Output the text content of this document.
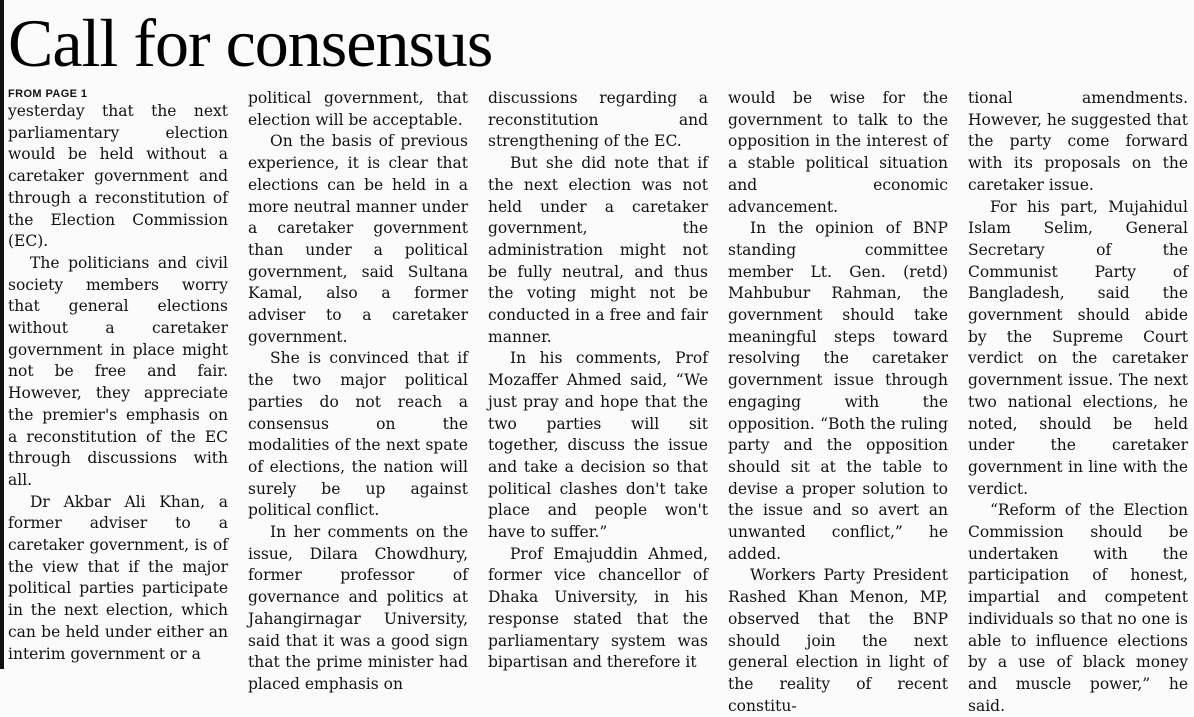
Call for consensus
FROM PAGE 1

yesterday that the next parliamentary election would be held without a caretaker government and through a reconstitution of the Election Commission (EC).

The politicians and civil society members worry that general elections without a caretaker government in place might not be free and fair. However, they appreciate the premier's emphasis on a reconstitution of the EC through discussions with all.

Dr Akbar Ali Khan, a former adviser to a caretaker government, is of the view that if the major political parties participate in the next election, which can be held under either an interim government or a

political government, that election will be acceptable.

On the basis of previous experience, it is clear that elections can be held in a more neutral manner under a caretaker government than under a political government, said Sultana Kamal, also a former adviser to a caretaker government.

She is convinced that if the two major political parties do not reach a consensus on the modalities of the next spate of elections, the nation will surely be up against political conflict.

In her comments on the issue, Dilara Chowdhury, former professor of governance and politics at Jahangirnagar University, said that it was a good sign that the prime minister had placed emphasis on

discussions regarding a reconstitution and strengthening of the EC.

But she did note that if the next election was not held under a caretaker government, the administration might not be fully neutral, and thus the voting might not be conducted in a free and fair manner.

In his comments, Prof Mozaffer Ahmed said, “We just pray and hope that the two parties will sit together, discuss the issue and take a decision so that political clashes don't take place and people won't have to suffer.”

Prof Emajuddin Ahmed, former vice chancellor of Dhaka University, in his response stated that the parliamentary system was bipartisan and therefore it

would be wise for the government to talk to the opposition in the interest of a stable political situation and economic advancement.

In the opinion of BNP standing committee member Lt. Gen. (retd) Mahbubur Rahman, the government should take meaningful steps toward resolving the caretaker government issue through engaging with the opposition. “Both the ruling party and the opposition should sit at the table to devise a proper solution to the issue and so avert an unwanted conflict,” he added.

Workers Party President Rashed Khan Menon, MP, observed that the BNP should join the next general election in light of the reality of recent constitu-

tional amendments. However, he suggested that the party come forward with its proposals on the caretaker issue.

For his part, Mujahidul Islam Selim, General Secretary of the Communist Party of Bangladesh, said the government should abide by the Supreme Court verdict on the caretaker government issue. The next two national elections, he noted, should be held under the caretaker government in line with the verdict.

“Reform of the Election Commission should be undertaken with the participation of honest, impartial and competent individuals so that no one is able to influence elections by a use of black money and muscle power,” he said.
